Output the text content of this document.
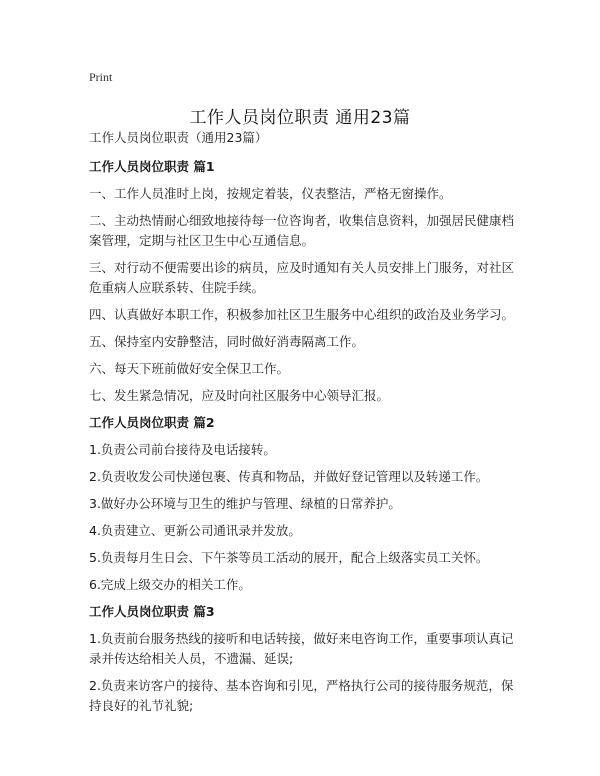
Print
工作人员岗位职责 通用23篇
工作人员岗位职责（通用23篇）
工作人员岗位职责 篇1
一、工作人员准时上岗，按规定着装，仪表整洁，严格无窗操作。
二、主动热情耐心细致地接待每一位咨询者，收集信息资料，加强居民健康档案管理，定期与社区卫生中心互通信息。
三、对行动不便需要出诊的病员，应及时通知有关人员安排上门服务，对社区危重病人应联系转、住院手续。
四、认真做好本职工作，积极参加社区卫生服务中心组织的政治及业务学习。
五、保持室内安静整洁，同时做好消毒隔离工作。
六、每天下班前做好安全保卫工作。
七、发生紧急情况，应及时向社区服务中心领导汇报。
工作人员岗位职责 篇2
1.负责公司前台接待及电话接转。
2.负责收发公司快递包裹、传真和物品，并做好登记管理以及转递工作。
3.做好办公环境与卫生的维护与管理、绿植的日常养护。
4.负责建立、更新公司通讯录并发放。
5.负责每月生日会、下午茶等员工活动的展开，配合上级落实员工关怀。
6.完成上级交办的相关工作。
工作人员岗位职责 篇3
1.负责前台服务热线的接听和电话转接，做好来电咨询工作，重要事项认真记录并传达给相关人员，不遗漏、延误;
2.负责来访客户的接待、基本咨询和引见，严格执行公司的接待服务规范，保持良好的礼节礼貌;
